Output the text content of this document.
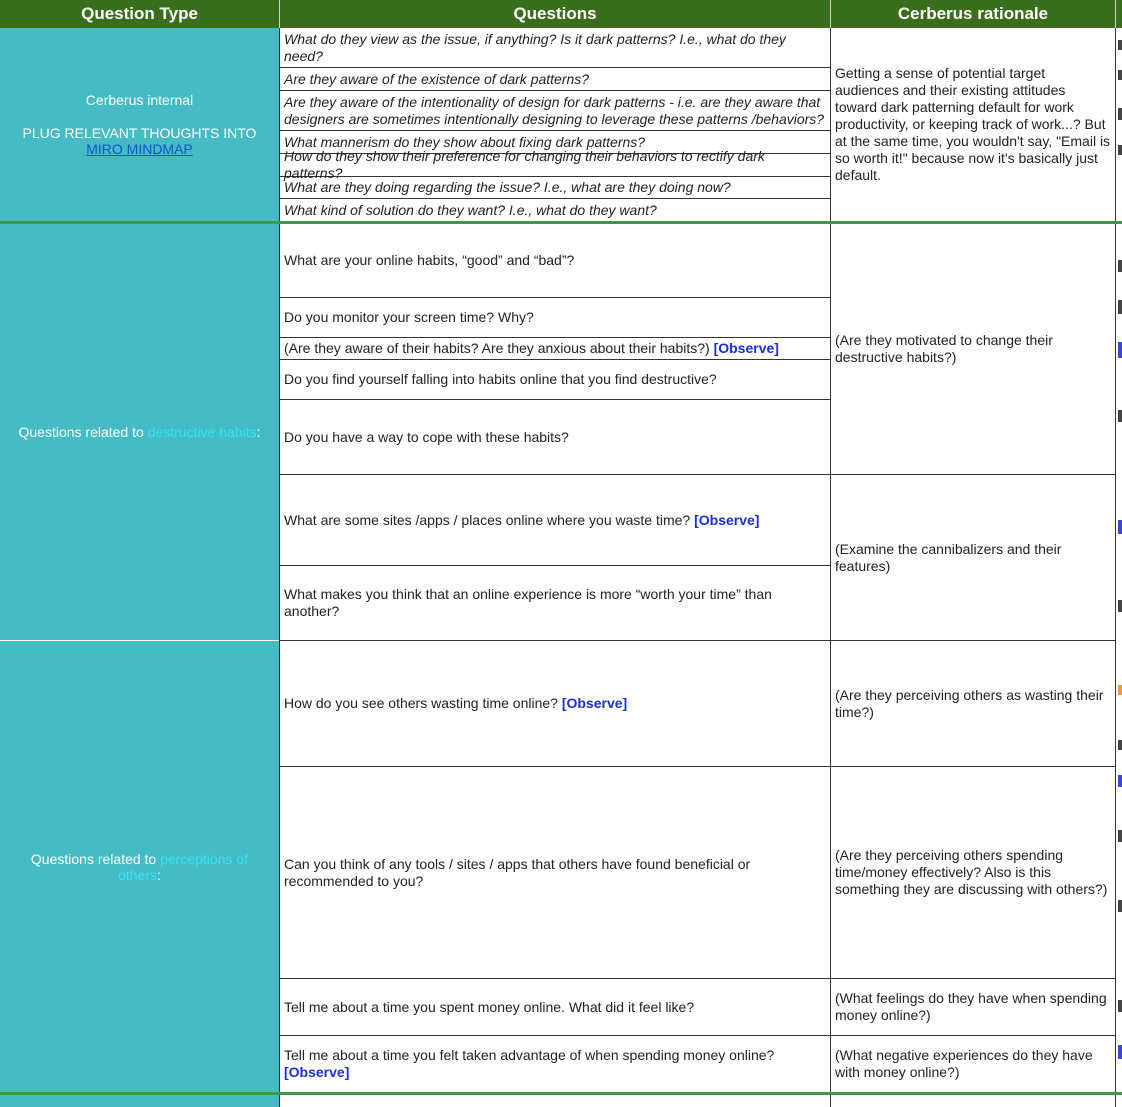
Question Type	Questions	Cerberus rationale
Cerberus internal
PLUG RELEVANT THOUGHTS INTO MIRO MINDMAP
Questions related to destructive habits:
Questions related to perceptions of others:
What do they view as the issue, if anything? Is it dark patterns? I.e., what do they need?
Are they aware of the existence of dark patterns?
Are they aware of the intentionality of design for dark patterns - i.e. are they aware that designers are sometimes intentionally designing to leverage these patterns /behaviors?
What mannerism do they show about fixing dark patterns?
How do they show their preference for changing their behaviors to rectify dark patterns?
What are they doing regarding the issue? I.e., what are they doing now?
What kind of solution do they want? I.e., what do they want?
Getting a sense of potential target audiences and their existing attitudes toward dark patterning default for work productivity, or keeping track of work...? But at the same time, you wouldn't say, "Email is so worth it!" because now it's basically just default.
What are your online habits, “good” and “bad”?
Do you monitor your screen time? Why?
(Are they aware of their habits? Are they anxious about their habits?) [Observe]
Do you find yourself falling into habits online that you find destructive?
Do you have a way to cope with these habits?
What are some sites /apps / places online where you waste time? [Observe]
What makes you think that an online experience is more “worth your time” than another?
(Are they motivated to change their destructive habits?)
(Examine the cannibalizers and their features)
How do you see others wasting time online? [Observe]
Can you think of any tools / sites / apps that others have found beneficial or recommended to you?
Tell me about a time you spent money online. What did it feel like?
Tell me about a time you felt taken advantage of when spending money online? [Observe]
(Are they perceiving others as wasting their time?)
(Are they perceiving others spending time/money effectively? Also is this something they are discussing with others?)
(What feelings do they have when spending money online?)
(What negative experiences do they have with money online?)
